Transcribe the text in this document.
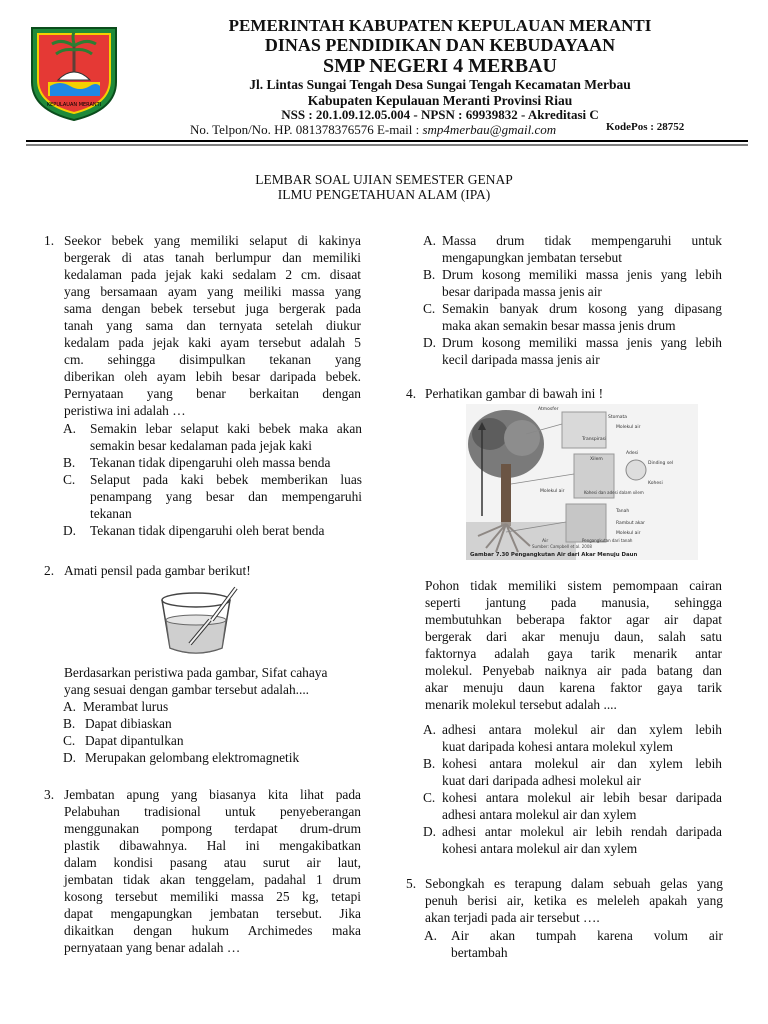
KEPULAUAN MERANTI
PEMERINTAH KABUPATEN KEPULAUAN MERANTI
DINAS PENDIDIKAN DAN KEBUDAYAAN
SMP NEGERI 4 MERBAU
Jl. Lintas Sungai Tengah Desa Sungai Tengah Kecamatan Merbau
Kabupaten Kepulauan Meranti Provinsi Riau
NSS : 20.1.09.12.05.004 - NPSN : 69939832 - Akreditasi C
No. Telpon/No. HP. 081378376576 E-mail : smp4merbau@gmail.com	KodePos : 28752
LEMBAR SOAL UJIAN SEMESTER GENAP
ILMU PENGETAHUAN ALAM (IPA)
1. Seekor bebek yang memiliki selaput di kakinya
bergerak di atas tanah berlumpur dan memiliki
kedalaman pada jejak kaki sedalam 2 cm. disaat
yang bersamaan ayam yang meiliki massa yang
sama dengan bebek tersebut juga bergerak pada
tanah yang sama dan ternyata setelah diukur
kedalam pada jejak kaki ayam tersebut adalah 5
cm. sehingga disimpulkan tekanan yang
diberikan oleh ayam lebih besar daripada bebek.
Pernyataan yang benar berkaitan dengan
peristiwa ini adalah …
A. Semakin lebar selaput kaki bebek maka akan
semakin besar kedalaman pada jejak kaki
B. Tekanan tidak dipengaruhi oleh massa benda
C. Selaput pada kaki bebek memberikan luas
penampang yang besar dan mempengaruhi
tekanan
D. Tekanan tidak dipengaruhi oleh berat benda
2. Amati pensil pada gambar berikut!
Berdasarkan peristiwa pada gambar, Sifat cahaya
yang sesuai dengan gambar tersebut adalah....
A. Merambat lurus
B. Dapat dibiaskan
C. Dapat dipantulkan
D. Merupakan gelombang elektromagnetik
3. Jembatan apung yang biasanya kita lihat pada
Pelabuhan tradisional untuk penyeberangan
menggunakan pompong terdapat drum-drum
plastik dibawahnya. Hal ini mengakibatkan
dalam kondisi pasang atau surut air laut,
jembatan tidak akan tenggelam, padahal 1 drum
kosong tersebut memiliki massa 25 kg, tetapi
dapat mengapungkan jembatan tersebut. Jika
dikaitkan dengan hukum Archimedes maka
pernyataan yang benar adalah …
A. Massa drum tidak mempengaruhi untuk
mengapungkan jembatan tersebut
B. Drum kosong memiliki massa jenis yang lebih
besar daripada massa jenis air
C. Semakin banyak drum kosong yang dipasang
maka akan semakin besar massa jenis drum
D. Drum kosong memiliki massa jenis yang lebih
kecil daripada massa jenis air
4. Perhatikan gambar di bawah ini !
Atmosfer
Stomata
Molekul air
Transpirasi
Xilem
Adesi
Dinding sel
Kohesi
Molekul air	Kohesi dan adesi dalam xilem
Tanah
Rambut akar
Air	Pengangkutan dari tanah
Molekul air
Sumber: Campbell et al. 2008
Gambar 7.30 Pengangkutan Air dari Akar Menuju Daun
Pohon tidak memiliki sistem pemompaan cairan
seperti jantung pada manusia, sehingga
membutuhkan beberapa faktor agar air dapat
bergerak dari akar menuju daun, salah satu
faktornya adalah gaya tarik menarik antar
molekul. Penyebab naiknya air pada batang dan
akar menuju daun karena faktor gaya tarik
menarik molekul tersebut adalah ....
A. adhesi antara molekul air dan xylem lebih
kuat daripada kohesi antara molekul xylem
B. kohesi antara molekul air dan xylem lebih
kuat dari daripada adhesi molekul air
C. kohesi antara molekul air lebih besar daripada
adhesi antara molekul air dan xylem
D. adhesi antar molekul air lebih rendah daripada
kohesi antara molekul air dan xylem
5. Sebongkah es terapung dalam sebuah gelas yang
penuh berisi air, ketika es meleleh apakah yang
akan terjadi pada air tersebut ….
A. Air akan tumpah karena volum air
bertambah
